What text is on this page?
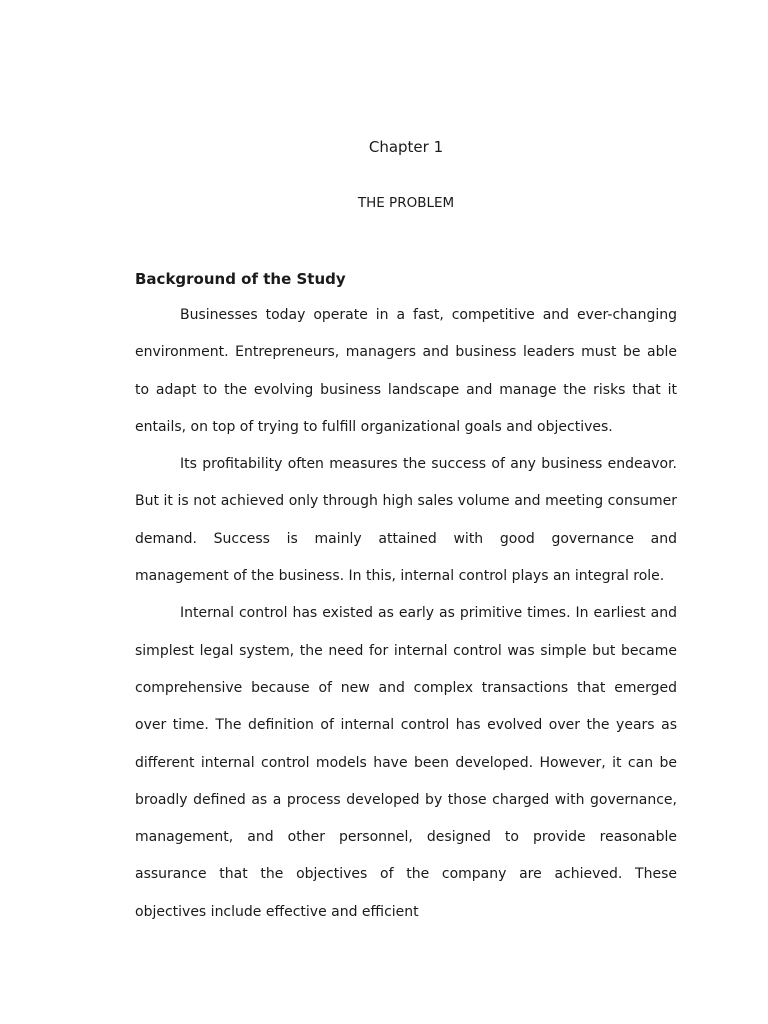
Chapter 1
THE PROBLEM
Background of the Study

Businesses today operate in a fast, competitive and ever-changing environment. Entrepreneurs, managers and business leaders must be able to adapt to the evolving business landscape and manage the risks that it entails, on top of trying to fulfill organizational goals and objectives.

Its profitability often measures the success of any business endeavor. But it is not achieved only through high sales volume and meeting consumer demand. Success is mainly attained with good governance and management of the business. In this, internal control plays an integral role.

Internal control has existed as early as primitive times. In earliest and simplest legal system, the need for internal control was simple but became comprehensive because of new and complex transactions that emerged over time. The definition of internal control has evolved over the years as different internal control models have been developed. However, it can be broadly defined as a process developed by those charged with governance, management, and other personnel, designed to provide reasonable assurance that the objectives of the company are achieved. These objectives include effective and efficient
